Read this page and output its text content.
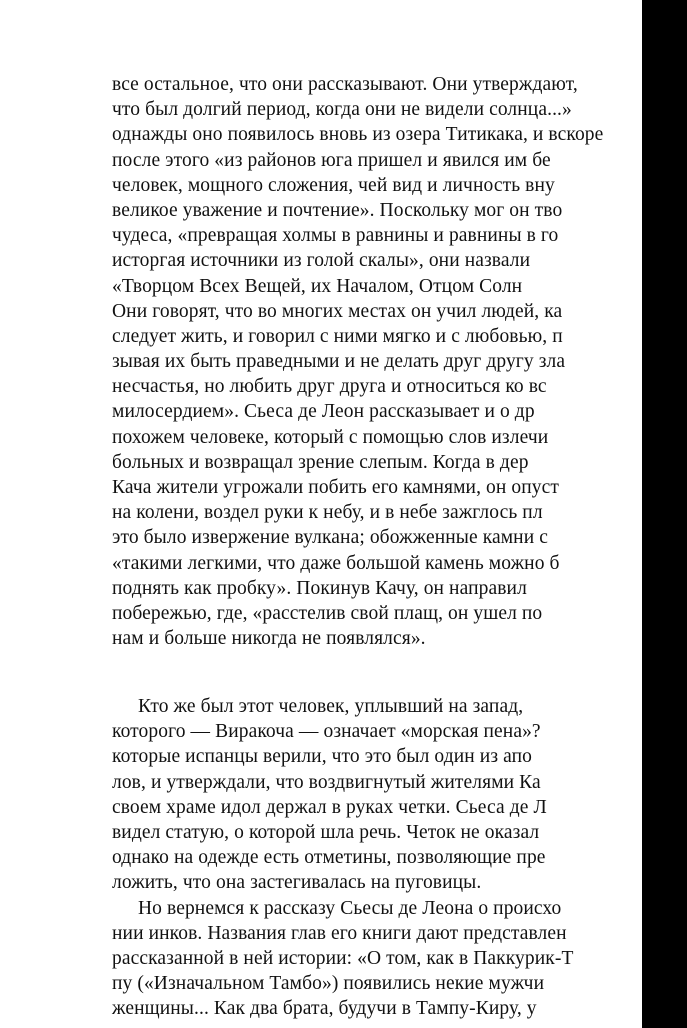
все остальное, что они рассказывают. Они утверждают,
что был долгий период, когда они не видели солнца...»
однажды оно появилось вновь из озера Титикака, и вскоре
после этого «из районов юга пришел и явился им бе
человек, мощного сложения, чей вид и личность вну
великое уважение и почтение». Поскольку мог он тво
чудеса, «превращая холмы в равнины и равнины в го
исторгая источники из голой скалы», они назвали
«Творцом Всех Вещей, их Началом, Отцом Солн
Они говорят, что во многих местах он учил людей, ка
следует жить, и говорил с ними мягко и с любовью, п
зывая их быть праведными и не делать друг другу зла
несчастья, но любить друг друга и относиться ко вс
милосердием». Сьеса де Леон рассказывает и о др
похожем человеке, который с помощью слов излечи
больных и возвращал зрение слепым. Когда в дер
Кача жители угрожали побить его камнями, он опуст
на колени, воздел руки к небу, и в небе зажглось пл
это было извержение вулкана; обожженные камни с
«такими легкими, что даже большой камень можно б
поднять как пробку». Покинув Качу, он направил
побережью, где, «расстелив свой плащ, он ушел по
нам и больше никогда не появлялся».
Кто же был этот человек, уплывший на запад,
которого — Виракоча — означает «морская пена»?
которые испанцы верили, что это был один из апо
лов, и утверждали, что воздвигнутый жителями Ка
своем храме идол держал в руках четки. Сьеса де Л
видел статую, о которой шла речь. Четок не оказал
однако на одежде есть отметины, позволяющие пре
ложить, что она застегивалась на пуговицы.
Но вернемся к рассказу Сьесы де Леона о происхо
нии инков. Названия глав его книги дают представлен
рассказанной в ней истории: «О том, как в Паккурик-Т
пу («Изначальном Тамбо») появились некие мужчи
женщины... Как два брата, будучи в Тампу-Киру, у
